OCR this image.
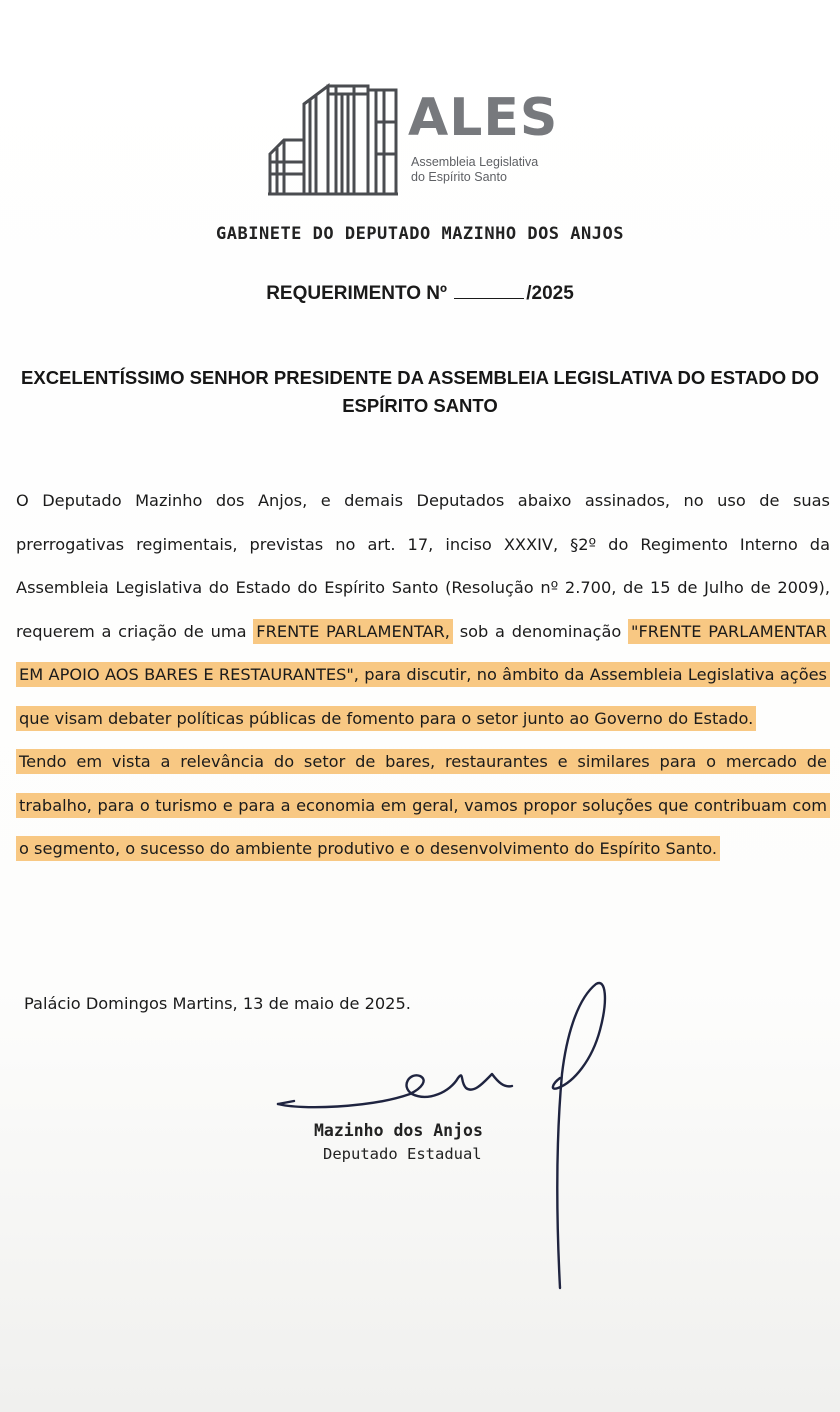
ALES
Assembleia Legislativa
do Espírito Santo
GABINETE DO DEPUTADO MAZINHO DOS ANJOS
REQUERIMENTO Nº	/2025
EXCELENTÍSSIMO SENHOR PRESIDENTE DA ASSEMBLEIA LEGISLATIVA DO ESTADO DO
ESPÍRITO SANTO

O Deputado Mazinho dos Anjos, e demais Deputados abaixo assinados, no uso de suas prerrogativas regimentais, previstas no art. 17, inciso XXXIV, §2º do Regimento Interno da Assembleia Legislativa do Estado do Espírito Santo (Resolução nº 2.700, de 15 de Julho de 2009), requerem a criação de uma FRENTE PARLAMENTAR, sob a denominação "FRENTE PARLAMENTAR EM APOIO AOS BARES E RESTAURANTES", para discutir, no âmbito da Assembleia Legislativa ações que visam debater políticas públicas de fomento para o setor junto ao Governo do Estado.

Tendo em vista a relevância do setor de bares, restaurantes e similares para o mercado de trabalho, para o turismo e para a economia em geral, vamos propor soluções que contribuam com o segmento, o sucesso do ambiente produtivo e o desenvolvimento do Espírito Santo.

Palácio Domingos Martins, 13 de maio de 2025.
Mazinho dos Anjos
Deputado Estadual
